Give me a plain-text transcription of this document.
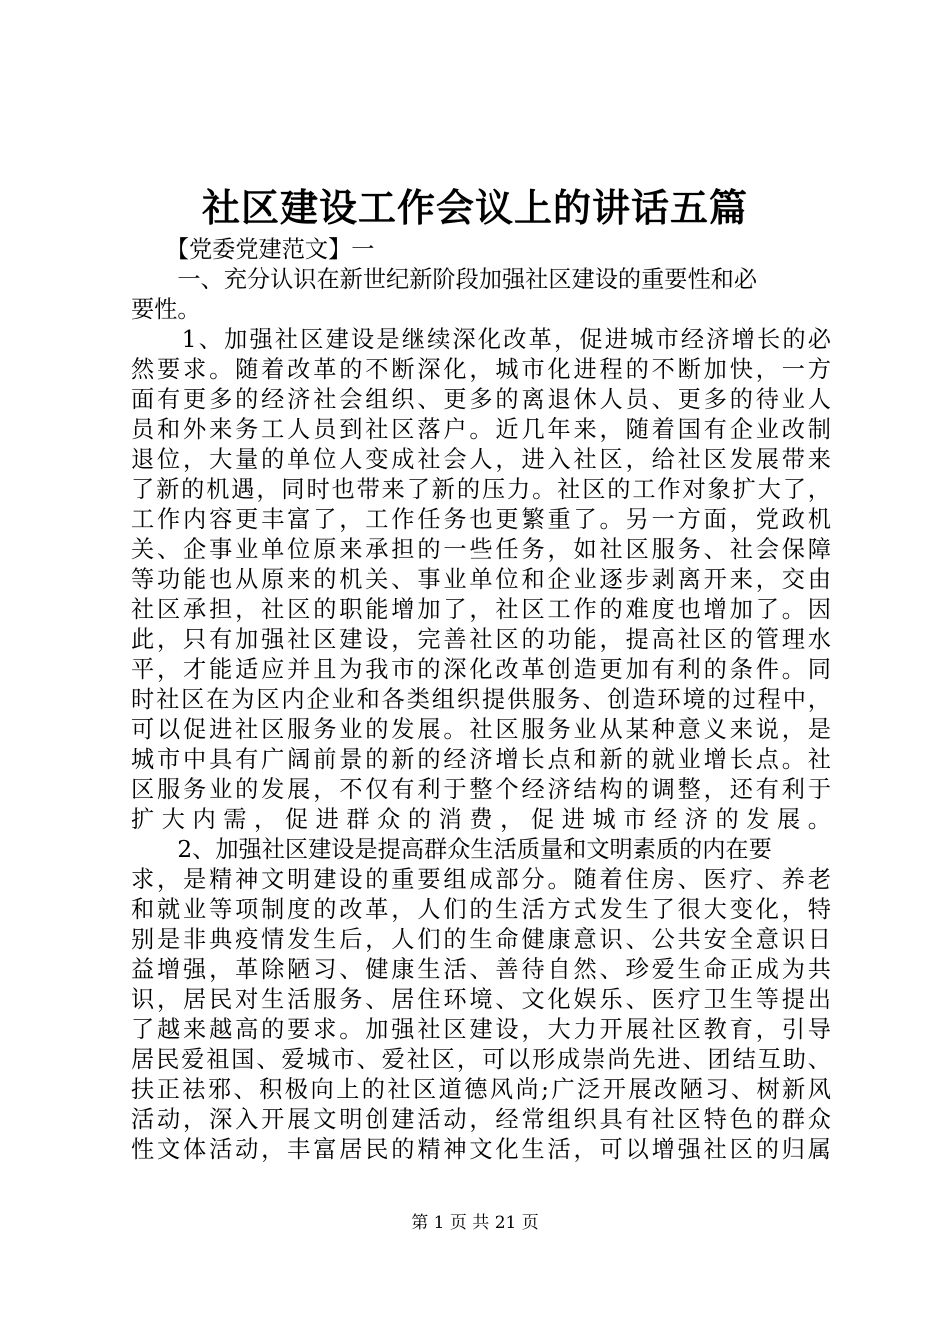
社区建设工作会议上的讲话五篇
　　【党委党建范文】一
　　一、充分认识在新世纪新阶段加强社区建设的重要性和必
要性。
　　1、加强社区建设是继续深化改革，促进城市经济增长的必
然要求。随着改革的不断深化，城市化进程的不断加快，一方
面有更多的经济社会组织、更多的离退休人员、更多的待业人
员和外来务工人员到社区落户。近几年来，随着国有企业改制
退位，大量的单位人变成社会人，进入社区，给社区发展带来
了新的机遇，同时也带来了新的压力。社区的工作对象扩大了，
工作内容更丰富了，工作任务也更繁重了。另一方面，党政机
关、企事业单位原来承担的一些任务，如社区服务、社会保障
等功能也从原来的机关、事业单位和企业逐步剥离开来，交由
社区承担，社区的职能增加了，社区工作的难度也增加了。因
此，只有加强社区建设，完善社区的功能，提高社区的管理水
平，才能适应并且为我市的深化改革创造更加有利的条件。同
时社区在为区内企业和各类组织提供服务、创造环境的过程中，
可以促进社区服务业的发展。社区服务业从某种意义来说，是
城市中具有广阔前景的新的经济增长点和新的就业增长点。社
区服务业的发展，不仅有利于整个经济结构的调整，还有利于
扩大内需，促进群众的消费，促进城市经济的发展。
　　2、加强社区建设是提高群众生活质量和文明素质的内在要
求，是精神文明建设的重要组成部分。随着住房、医疗、养老
和就业等项制度的改革，人们的生活方式发生了很大变化，特
别是非典疫情发生后，人们的生命健康意识、公共安全意识日
益增强，革除陋习、健康生活、善待自然、珍爱生命正成为共
识，居民对生活服务、居住环境、文化娱乐、医疗卫生等提出
了越来越高的要求。加强社区建设，大力开展社区教育，引导
居民爱祖国、爱城市、爱社区，可以形成崇尚先进、团结互助、
扶正祛邪、积极向上的社区道德风尚;广泛开展改陋习、树新风
活动，深入开展文明创建活动，经常组织具有社区特色的群众
性文体活动，丰富居民的精神文化生活，可以增强社区的归属
第 1 页 共 21 页
